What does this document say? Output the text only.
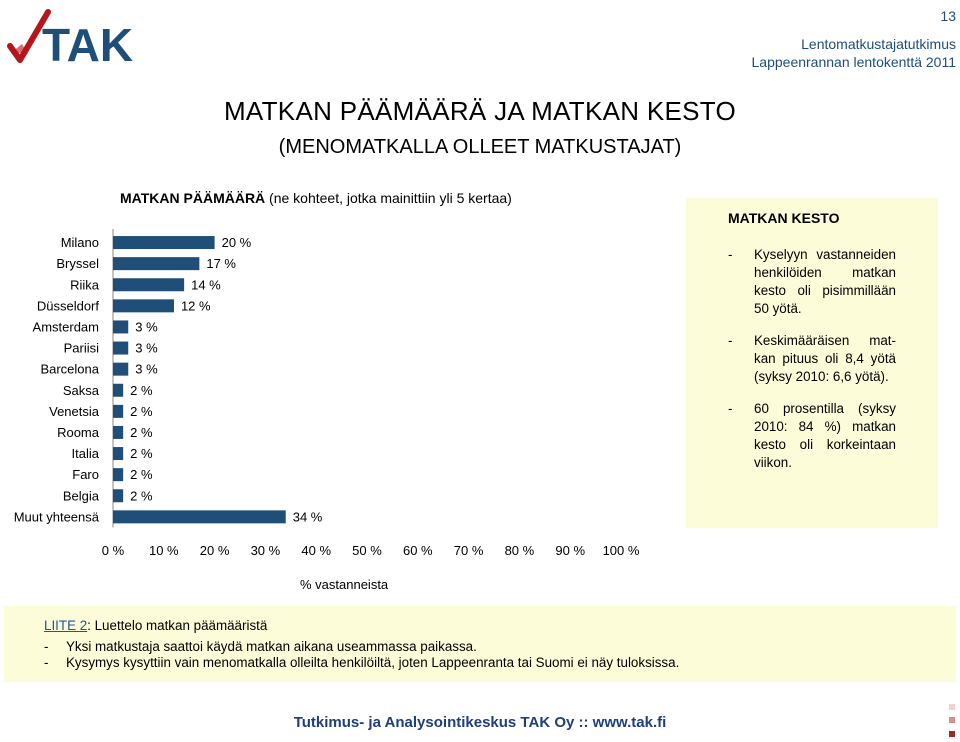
TAK
13
Lentomatkustajatutkimus
Lappeenrannan lentokenttä 2011
MATKAN PÄÄMÄÄRÄ JA MATKAN KESTO
(MENOMATKALLA OLLEET MATKUSTAJAT)
MATKAN PÄÄMÄÄRÄ (ne kohteet, jotka mainittiin yli 5 kertaa)
Milano	20 %
Bryssel	17 %
Riika	14 %
Düsseldorf	12 %
Amsterdam	3 %
Pariisi	3 %
Barcelona	3 %
Saksa 2 %
Venetsia 2 %
Rooma 2 %
Italia 2 %
Faro 2 %
Belgia 2 %
Muut yhteensä	34 %
0 % 10 % 20 % 30 % 40 % 50 % 60 % 70 % 80 % 90 % 100 %
% vastanneista
MATKAN KESTO
- Kyselyyn vastanneiden henkilöiden matkan kesto oli pisimmillään 50 yötä.
- Keskimääräisen mat-kan pituus oli 8,4 yötä (syksy 2010: 6,6 yötä).
- 60 prosentilla (syksy 2010: 84 %) matkan kesto oli korkeintaan viikon.
LIITE 2: Luettelo matkan päämääristä
- Yksi matkustaja saattoi käydä matkan aikana useammassa paikassa.
- Kysymys kysyttiin vain menomatkalla olleilta henkilöiltä, joten Lappeenranta tai Suomi ei näy tuloksissa.
Tutkimus- ja Analysointikeskus TAK Oy :: www.tak.fi
